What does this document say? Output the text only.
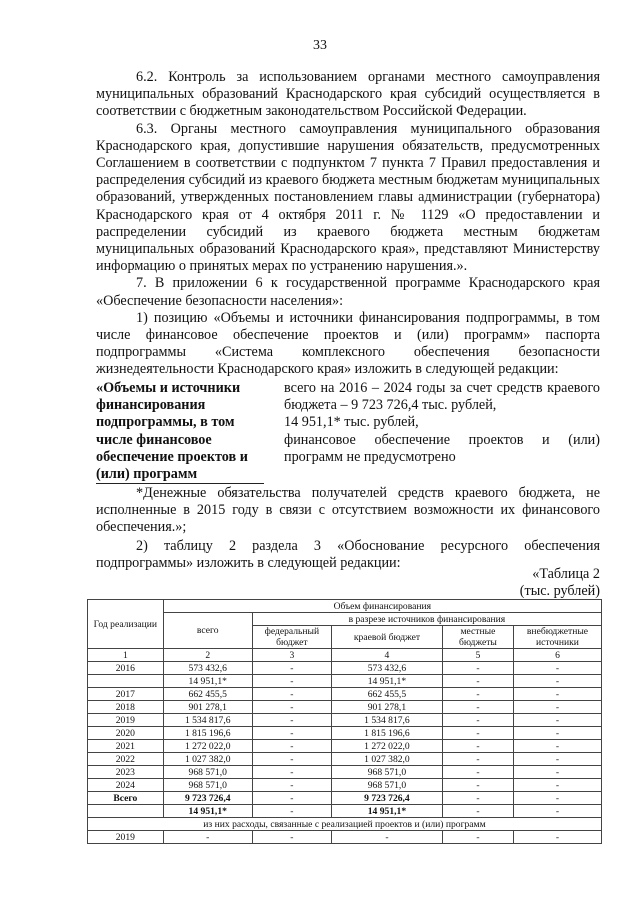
33

6.2. Контроль за использованием органами местного самоуправления муниципальных образований Краснодарского края субсидий осуществляется в соответствии с бюджетным законодательством Российской Федерации.

6.3. Органы местного самоуправления муниципального образования Краснодарского края, допустившие нарушения обязательств, предусмотренных Соглашением в соответствии с подпунктом 7 пункта 7 Правил предоставления и распределения субсидий из краевого бюджета местным бюджетам муниципальных образований, утвержденных постановлением главы администрации (губернатора) Краснодарского края от 4 октября 2011 г. № 1129 «О предоставлении и распределении субсидий из краевого бюджета местным бюджетам муниципальных образований Краснодарского края», представляют Министерству информацию о принятых мерах по устранению нарушения.».

7. В приложении 6 к государственной программе Краснодарского края «Обеспечение безопасности населения»:

1) позицию «Объемы и источники финансирования подпрограммы, в том числе финансовое обеспечение проектов и (или) программ» паспорта подпрограммы «Система комплексного обеспечения безопасности жизнедеятельности Краснодарского края» изложить в следующей редакции:

«Объемы и источники финансирования подпрограммы, в том числе финансовое обеспечение проектов и (или) программ
всего на 2016 – 2024 годы за счет средств краевого бюджета – 9 723 726,4 тыс. рублей,
14 951,1* тыс. рублей,
финансовое обеспечение проектов и (или) программ не предусмотрено
*Денежные обязательства получателей средств краевого бюджета, не исполненные в 2015 году в связи с отсутствием возможности их финансового обеспечения.»;

2) таблицу 2 раздела 3 «Обоснование ресурсного обеспечения подпрограммы» изложить в следующей редакции:

«Таблица 2
(тыс. рублей)
Год реализации	Объем финансирования				
	всего	в разрезе источников финансирования			
		федеральный бюджет	краевой бюджет	местные бюджеты	внебюджетные источники
1	2	3	4	5	6
2016	573 432,6	-	573 432,6	-	-
	14 951,1*	-	14 951,1*	-	-
2017	662 455,5	-	662 455,5	-	-
2018	901 278,1	-	901 278,1	-	-
2019	1 534 817,6	-	1 534 817,6	-	-
2020	1 815 196,6	-	1 815 196,6	-	-
2021	1 272 022,0	-	1 272 022,0	-	-
2022	1 027 382,0	-	1 027 382,0	-	-
2023	968 571,0	-	968 571,0	-	-
2024	968 571,0	-	968 571,0	-	-
Всего	9 723 726,4	-	9 723 726,4	-	-
	14 951,1*	-	14 951,1*	-	-
из них расходы, связанные с реализацией проектов и (или) программ					
2019	-	-	-	-	-
